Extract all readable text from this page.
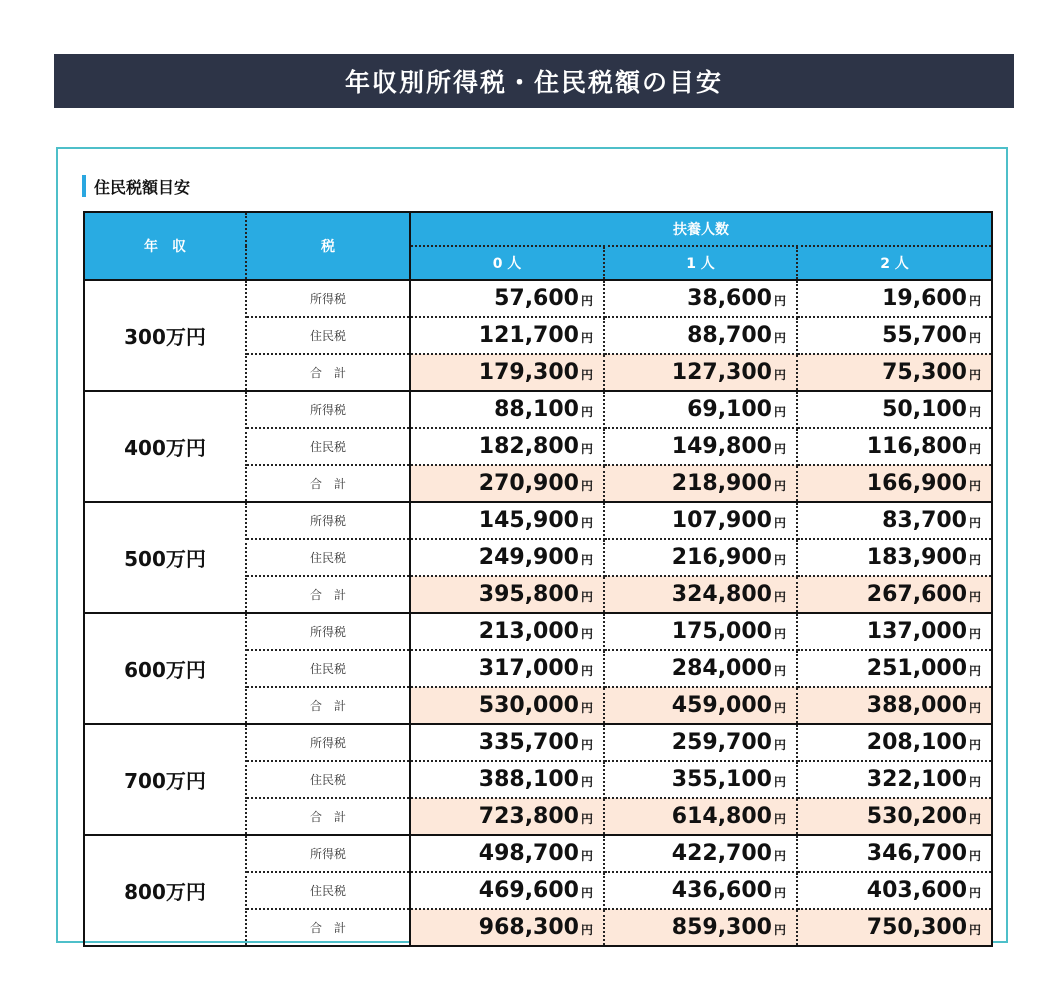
年収別所得税・住民税額の目安
住民税額目安
年　収	税	扶養人数		
		0 人	1 人	2 人
300万円	所得税	57,600 円	38,600 円	19,600 円
	住民税	121,700 円	88,700 円	55,700 円
	合　計	179,300 円	127,300 円	75,300 円
400万円	所得税	88,100 円	69,100 円	50,100 円
	住民税	182,800 円	149,800 円	116,800 円
	合　計	270,900 円	218,900 円	166,900 円
500万円	所得税	145,900 円	107,900 円	83,700 円
	住民税	249,900 円	216,900 円	183,900 円
	合　計	395,800 円	324,800 円	267,600 円
600万円	所得税	213,000 円	175,000 円	137,000 円
	住民税	317,000 円	284,000 円	251,000 円
	合　計	530,000 円	459,000 円	388,000 円
700万円	所得税	335,700 円	259,700 円	208,100 円
	住民税	388,100 円	355,100 円	322,100 円
	合　計	723,800 円	614,800 円	530,200 円
800万円	所得税	498,700 円	422,700 円	346,700 円
	住民税	469,600 円	436,600 円	403,600 円
	合　計	968,300 円	859,300 円	750,300 円
